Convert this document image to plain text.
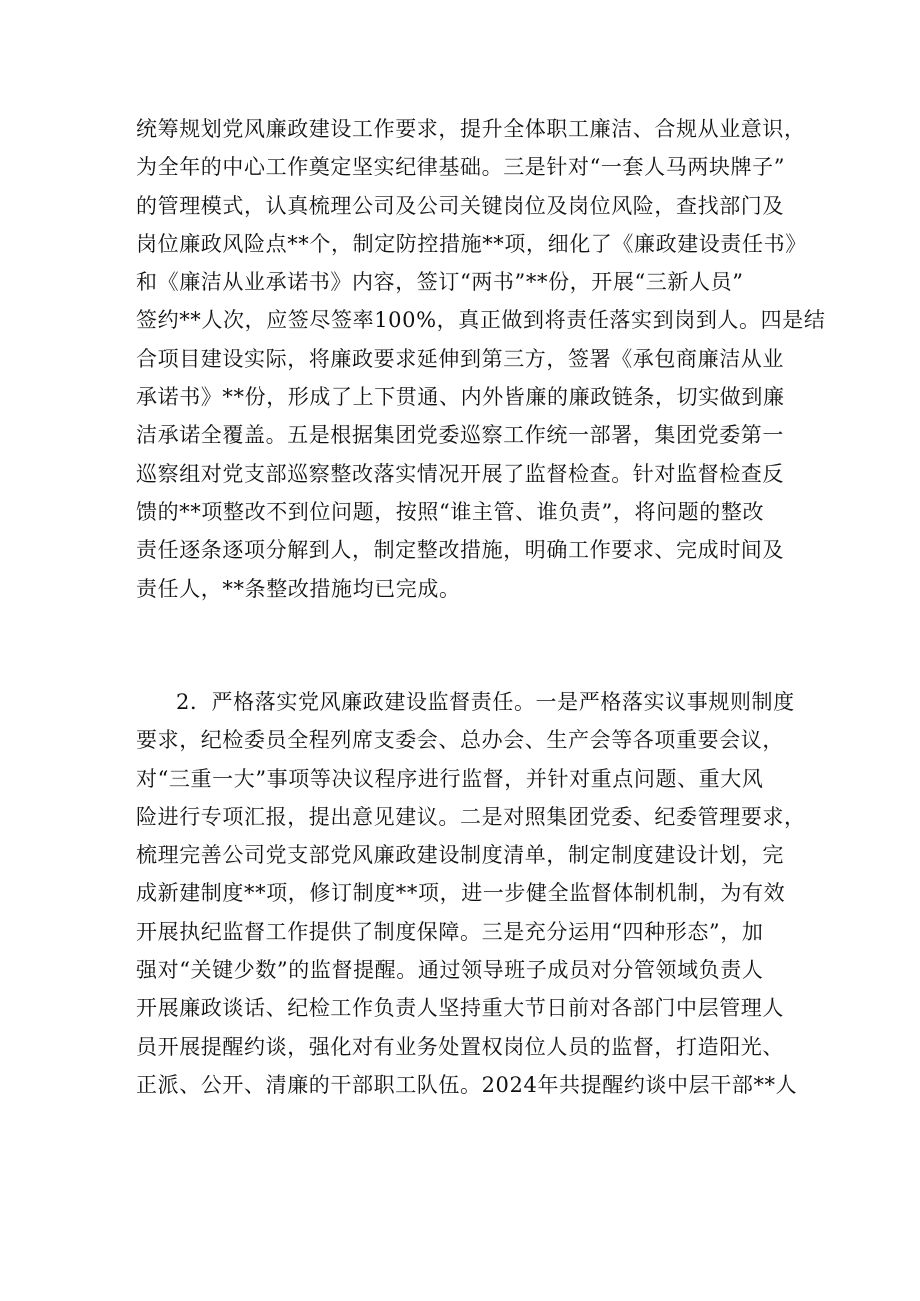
统筹规划党风廉政建设工作要求，提升全体职工廉洁、合规从业意识，
为全年的中心工作奠定坚实纪律基础。三是针对“一套人马两块牌子”
的管理模式，认真梳理公司及公司关键岗位及岗位风险，查找部门及
岗位廉政风险点**个，制定防控措施**项，细化了《廉政建设责任书》
和《廉洁从业承诺书》内容，签订“两书”**份，开展“三新人员”
签约**人次，应签尽签率100%，真正做到将责任落实到岗到人。四是结
合项目建设实际，将廉政要求延伸到第三方，签署《承包商廉洁从业
承诺书》**份，形成了上下贯通、内外皆廉的廉政链条，切实做到廉
洁承诺全覆盖。五是根据集团党委巡察工作统一部署，集团党委第一
巡察组对党支部巡察整改落实情况开展了监督检查。针对监督检查反
馈的**项整改不到位问题，按照“谁主管、谁负责”，将问题的整改
责任逐条逐项分解到人，制定整改措施，明确工作要求、完成时间及
责任人，**条整改措施均已完成。
2．严格落实党风廉政建设监督责任。一是严格落实议事规则制度
要求，纪检委员全程列席支委会、总办会、生产会等各项重要会议，
对“三重一大”事项等决议程序进行监督，并针对重点问题、重大风
险进行专项汇报，提出意见建议。二是对照集团党委、纪委管理要求，
梳理完善公司党支部党风廉政建设制度清单，制定制度建设计划，完
成新建制度**项，修订制度**项，进一步健全监督体制机制，为有效
开展执纪监督工作提供了制度保障。三是充分运用“四种形态”，加
强对“关键少数”的监督提醒。通过领导班子成员对分管领域负责人
开展廉政谈话、纪检工作负责人坚持重大节日前对各部门中层管理人
员开展提醒约谈，强化对有业务处置权岗位人员的监督，打造阳光、
正派、公开、清廉的干部职工队伍。2024年共提醒约谈中层干部**人
